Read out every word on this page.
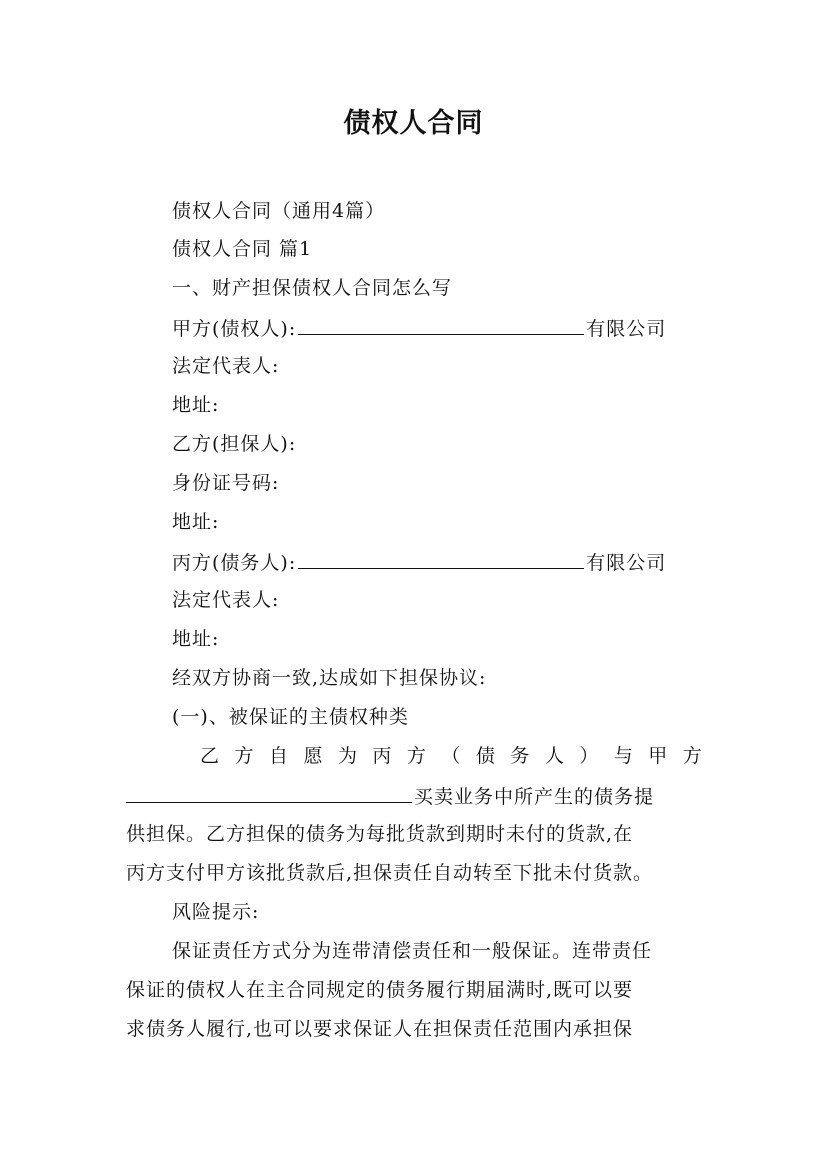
债权人合同
债权人合同（通用4篇）
债权人合同 篇1
一、财产担保债权人合同怎么写
甲方(债权人):	有限公司
法定代表人:
地址:
乙方(担保人):
身份证号码:
地址:
丙方(债务人):	有限公司
法定代表人:
地址:
经双方协商一致,达成如下担保协议:
(一)、被保证的主债权种类
乙 方 自 愿 为 丙 方 （ 债 务 人 ） 与 甲 方
买卖业务中所产生的债务提
供担保。乙方担保的债务为每批货款到期时未付的货款,在
丙方支付甲方该批货款后,担保责任自动转至下批未付货款。
风险提示:
保证责任方式分为连带清偿责任和一般保证。连带责任
保证的债权人在主合同规定的债务履行期届满时,既可以要
求债务人履行,也可以要求保证人在担保责任范围内承担保
